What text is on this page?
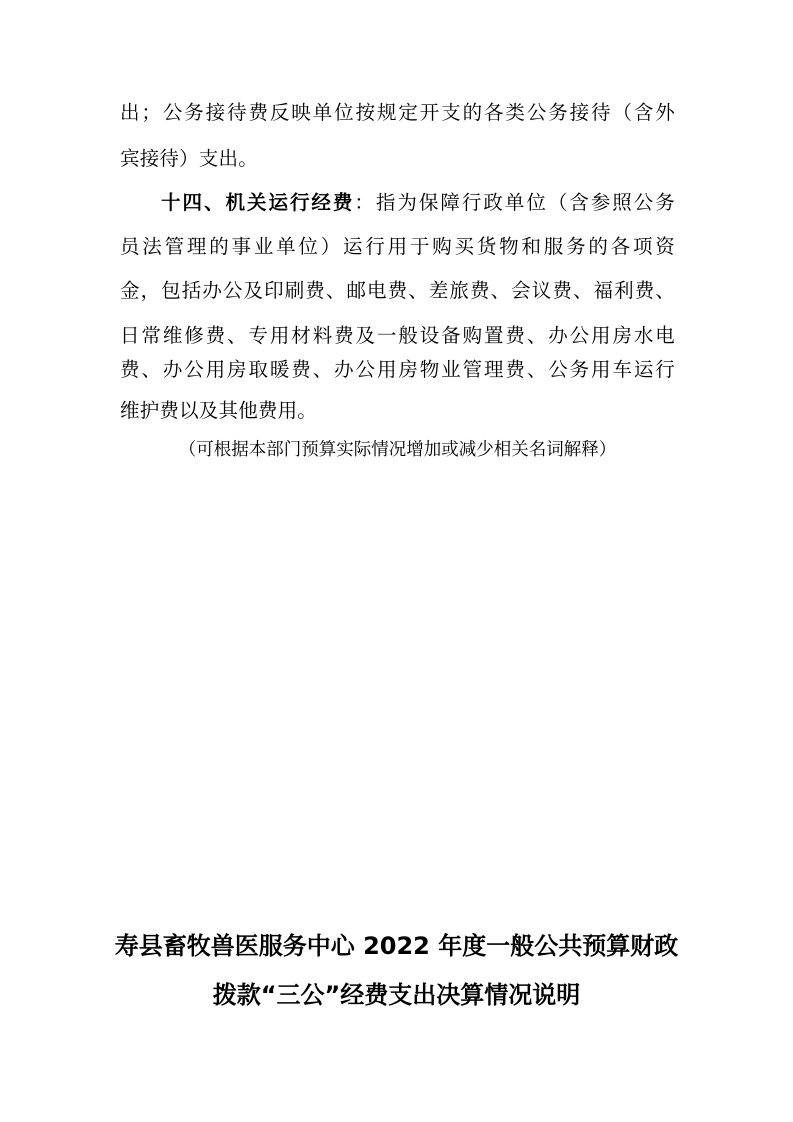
出；公务接待费反映单位按规定开支的各类公务接待（含外
宾接待）支出。
十四、机关运行经费：指为保障行政单位（含参照公务
员法管理的事业单位）运行用于购买货物和服务的各项资
金，包括办公及印刷费、邮电费、差旅费、会议费、福利费、
日常维修费、专用材料费及一般设备购置费、办公用房水电
费、办公用房取暖费、办公用房物业管理费、公务用车运行
维护费以及其他费用。
（可根据本部门预算实际情况增加或减少相关名词解释）
寿县畜牧兽医服务中心 2022 年度一般公共预算财政
拨款“三公”经费支出决算情况说明
